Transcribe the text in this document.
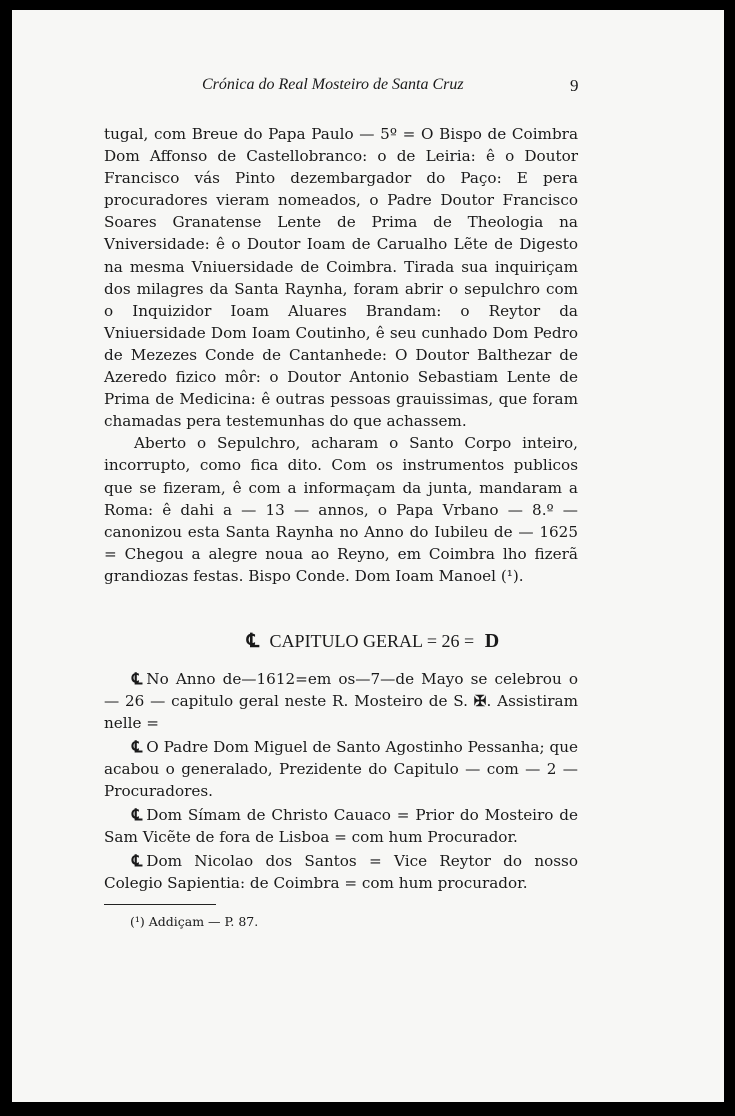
Crónica do Real Mosteiro de Santa Cruz	9

tugal, com Breue do Papa Paulo — 5º = O Bispo de Coimbra Dom Affonso de Castellobranco: o de Leiria: ê o Doutor Francisco vás Pinto dezembargador do Paço: E pera procuradores vieram nomeados, o Padre Doutor Francisco Soares Granatense Lente de Prima de Theologia na Vniversidade: ê o Doutor Ioam de Carualho Lẽte de Digesto na mesma Vniuersidade de Coimbra. Tirada sua inquiriçam dos milagres da Santa Raynha, foram abrir o sepulchro com o Inquizidor Ioam Aluares Brandam: o Reytor da Vniuersidade Dom Ioam Coutinho, ê seu cunhado Dom Pedro de Mezezes Conde de Cantanhede: O Doutor Balthezar de Azeredo fizico môr: o Doutor Antonio Sebastiam Lente de Prima de Medicina: ê outras pessoas grauissimas, que foram chamadas pera testemunhas do que achassem.

Aberto o Sepulchro, acharam o Santo Corpo inteiro, incorrupto, como fica dito. Com os instrumentos publicos que se fizeram, ê com a informaçam da junta, mandaram a Roma: ê dahi a — 13 — annos, o Papa Vrbano — 8.º — canonizou esta Santa Raynha no Anno do Iubileu de — 1625 = Chegou a alegre noua ao Reyno, em Coimbra lho fizerã grandiozas festas. Bispo Conde. Dom Ioam Manoel (¹).

℄ CAPITULO GERAL = 26 = D

℄ No Anno de—1612=em os—7—de Mayo se celebrou o — 26 — capitulo geral neste R. Mosteiro de S. ✠. Assistiram nelle =

℄ O Padre Dom Miguel de Santo Agostinho Pessanha; que acabou o generalado, Prezidente do Capitulo — com — 2 — Procuradores.

℄ Dom Símam de Christo Cauaco = Prior do Mosteiro de Sam Vicẽte de fora de Lisboa = com hum Procurador.

℄ Dom Nicolao dos Santos = Vice Reytor do nosso Colegio Sapientia: de Coimbra = com hum procurador.

(¹) Addiçam — P. 87.
